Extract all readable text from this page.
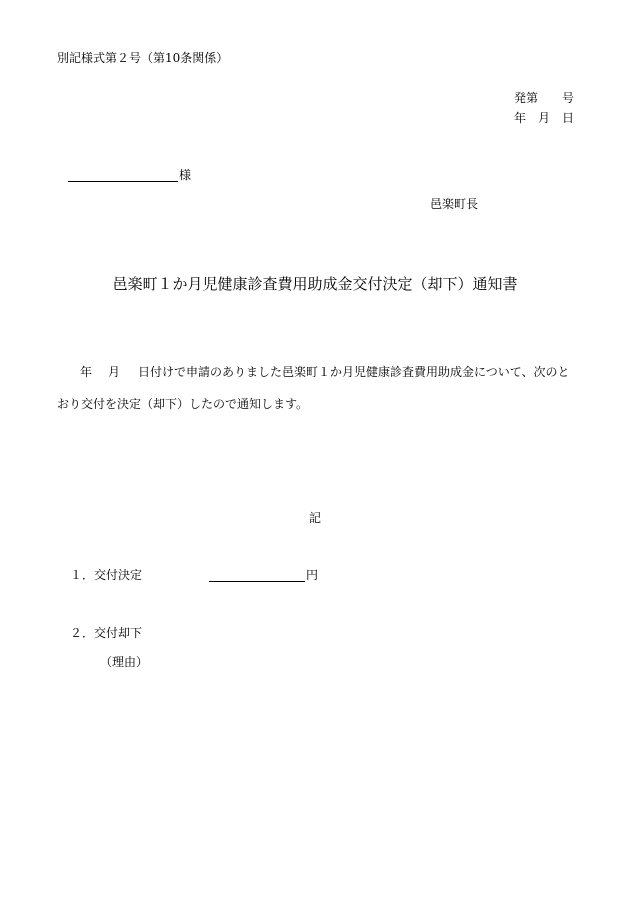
別記様式第２号（第10条関係）
発第 号
年 月 日
様
邑楽町長
邑楽町１か月児健康診査費用助成金交付決定（却下）通知書
年 月 日付けで申請のありました邑楽町１か月児健康診査費用助成金について、次のと
おり交付を決定（却下）したので通知します。
記
１．交付決定	円
２．交付却下
（理由）
